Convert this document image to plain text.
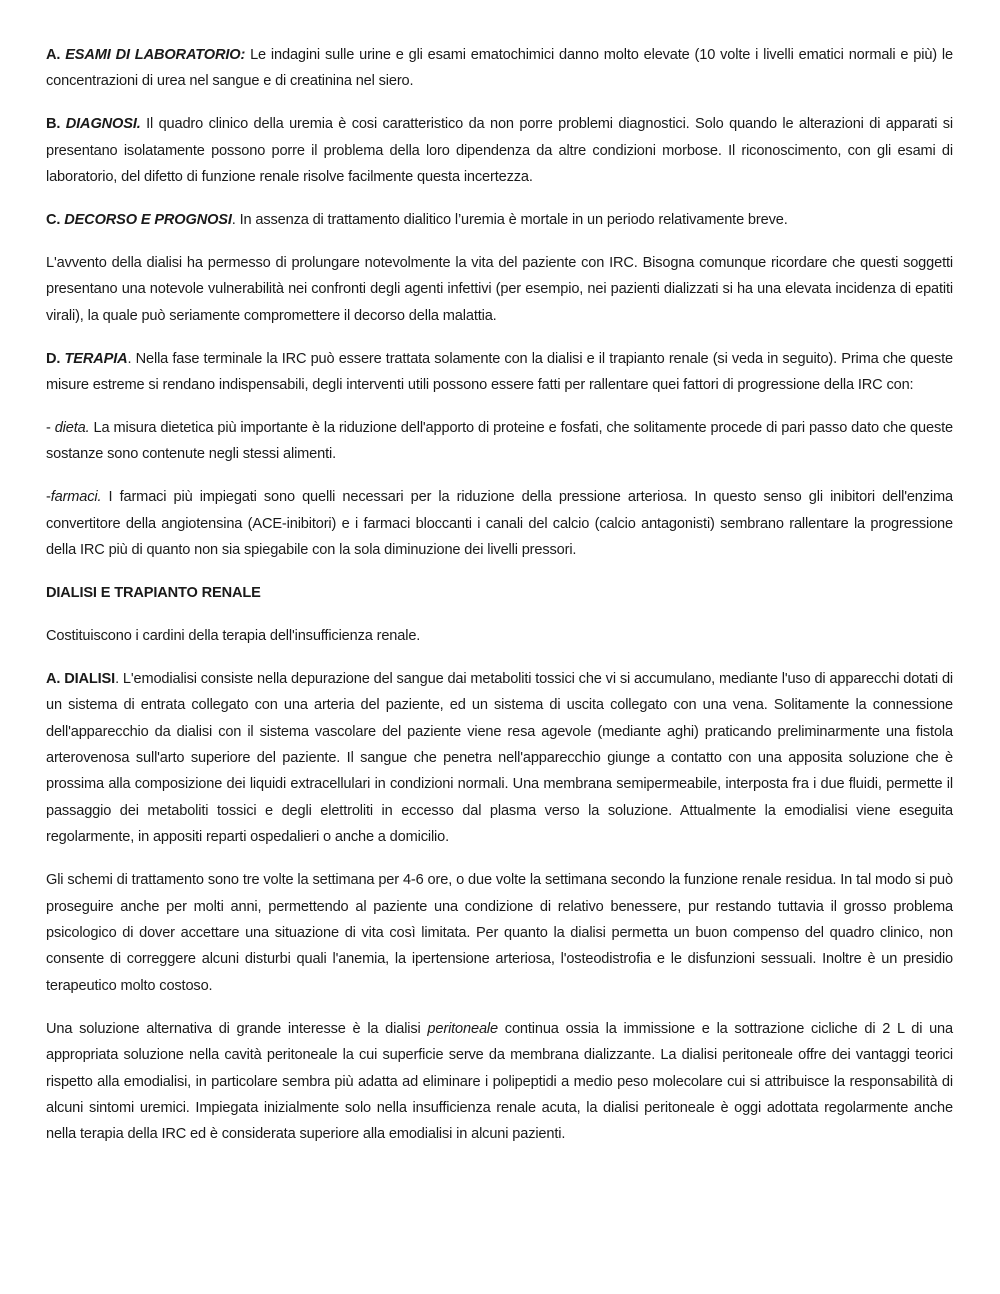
A. ESAMI DI LABORATORIO: Le indagini sulle urine e gli esami ematochimici danno molto elevate (10 volte i livelli ematici normali e più) le concentrazioni di urea nel sangue e di creatinina nel siero.

B. DIAGNOSI. Il quadro clinico della uremia è cosi caratteristico da non porre problemi diagnostici. Solo quando le alterazioni di apparati si presentano isolatamente possono porre il problema della loro dipendenza da altre condizioni morbose. Il riconoscimento, con gli esami di laboratorio, del difetto di funzione renale risolve facilmente questa incertezza.

C. DECORSO E PROGNOSI. In assenza di trattamento dialitico l’uremia è mortale in un periodo relativamente breve.

L'avvento della dialisi ha permesso di prolungare notevolmente la vita del paziente con IRC. Bisogna comunque ricordare che questi soggetti presentano una notevole vulnerabilità nei confronti degli agenti infettivi (per esempio, nei pazienti dializzati si ha una elevata incidenza di epatiti virali), la quale può seriamente compromettere il decorso della malattia.

D. TERAPIA. Nella fase terminale la IRC può essere trattata solamente con la dialisi e il trapianto renale (si veda in seguito). Prima che queste misure estreme si rendano indispensabili, degli interventi utili possono essere fatti per rallentare quei fattori di progressione della IRC con:

- dieta. La misura dietetica più importante è la riduzione dell'apporto di proteine e fosfati, che solitamente procede di pari passo dato che queste sostanze sono contenute negli stessi alimenti.

-farmaci. I farmaci più impiegati sono quelli necessari per la riduzione della pressione arteriosa. In questo senso gli inibitori dell'enzima convertitore della angiotensina (ACE-inibitori) e i farmaci bloccanti i canali del calcio (calcio antagonisti) sembrano rallentare la progressione della IRC più di quanto non sia spiegabile con la sola diminuzione dei livelli pressori.

DIALISI E TRAPIANTO RENALE

Costituiscono i cardini della terapia dell'insufficienza renale.

A. DIALISI. L'emodialisi consiste nella depurazione del sangue dai metaboliti tossici che vi si accumulano, mediante l'uso di apparecchi dotati di un sistema di entrata collegato con una arteria del paziente, ed un sistema di uscita collegato con una vena. Solitamente la connessione dell'apparecchio da dialisi con il sistema vascolare del paziente viene resa agevole (mediante aghi) praticando preliminarmente una fistola arterovenosa sull'arto superiore del paziente. Il sangue che penetra nell'apparecchio giunge a contatto con una apposita soluzione che è prossima alla composizione dei liquidi extracellulari in condizioni normali. Una membrana semipermeabile, interposta fra i due fluidi, permette il passaggio dei metaboliti tossici e degli elettroliti in eccesso dal plasma verso la soluzione. Attualmente la emodialisi viene eseguita regolarmente, in appositi reparti ospedalieri o anche a domicilio.

Gli schemi di trattamento sono tre volte la settimana per 4-6 ore, o due volte la settimana secondo la funzione renale residua. In tal modo si può proseguire anche per molti anni, permettendo al paziente una condizione di relativo benessere, pur restando tuttavia il grosso problema psicologico di dover accettare una situazione di vita così limitata. Per quanto la dialisi permetta un buon compenso del quadro clinico, non consente di correggere alcuni disturbi quali l'anemia, la ipertensione arteriosa, l'osteodistrofia e le disfunzioni sessuali. Inoltre è un presidio terapeutico molto costoso.

Una soluzione alternativa di grande interesse è la dialisi peritoneale continua ossia la immissione e la sottrazione cicliche di 2 L di una appropriata soluzione nella cavità peritoneale la cui superficie serve da membrana dializzante. La dialisi peritoneale offre dei vantaggi teorici rispetto alla emodialisi, in particolare sembra più adatta ad eliminare i polipeptidi a medio peso molecolare cui si attribuisce la responsabilità di alcuni sintomi uremici. Impiegata inizialmente solo nella insufficienza renale acuta, la dialisi peritoneale è oggi adottata regolarmente anche nella terapia della IRC ed è considerata superiore alla emodialisi in alcuni pazienti.
